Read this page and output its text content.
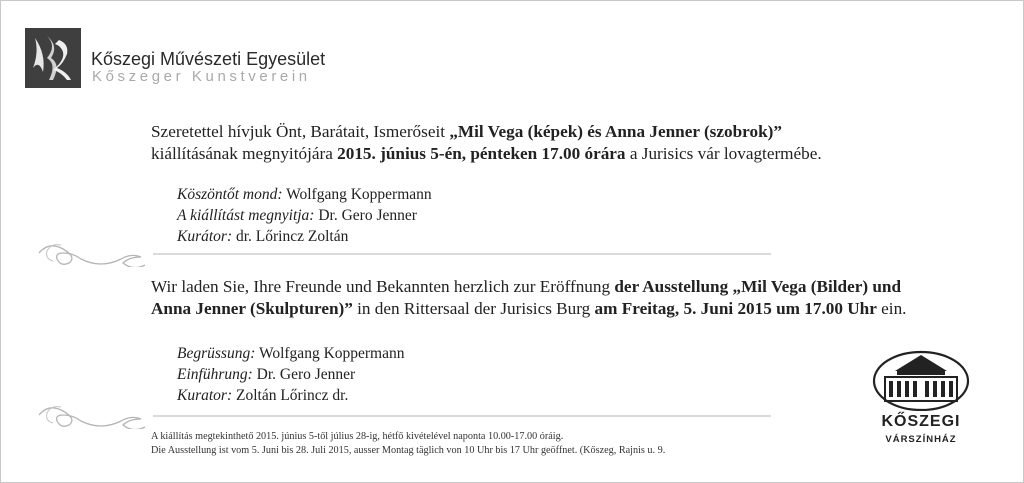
Kőszegi Művészeti Egyesület
Kőszeger Kunstverein
Szeretettel hívjuk Önt, Barátait, Ismerőseit „Mil Vega (képek) és Anna Jenner (szobrok)”
kiállításának megnyitójára 2015. június 5-én, pénteken 17.00 órára a Jurisics vár lovagtermébe.
Köszöntőt mond: Wolfgang Koppermann
A kiállítást megnyitja: Dr. Gero Jenner
Kurátor: dr. Lőrincz Zoltán
Wir laden Sie, Ihre Freunde und Bekannten herzlich zur Eröffnung der Ausstellung „Mil Vega (Bilder) und
Anna Jenner (Skulpturen)” in den Rittersaal der Jurisics Burg am Freitag, 5. Juni 2015 um 17.00 Uhr ein.
Begrüssung: Wolfgang Koppermann
Einführung: Dr. Gero Jenner
Kurator: Zoltán Lőrincz dr.
A kiállítás megtekinthető 2015. június 5-től július 28-ig, hétfő kivételével naponta 10.00-17.00 óráig.
Die Ausstellung ist vom 5. Juni bis 28. Juli 2015, ausser Montag täglich von 10 Uhr bis 17 Uhr geöffnet. (Kőszeg, Rajnis u. 9.
KŐSZEGI
VÁRSZÍNHÁZ
